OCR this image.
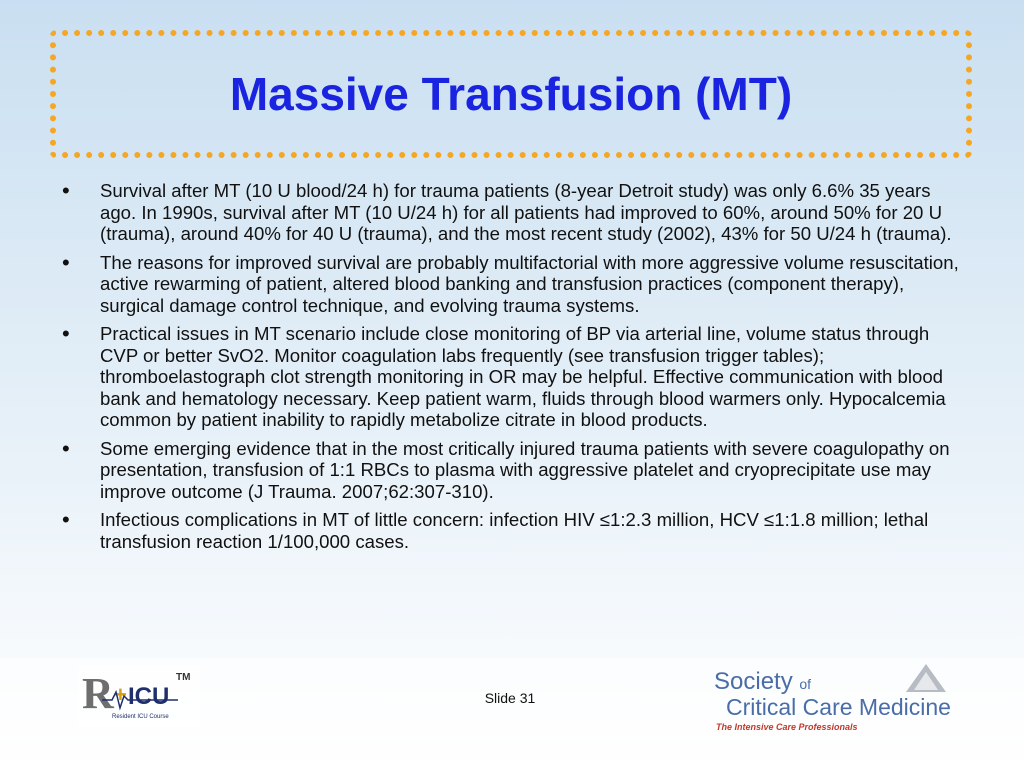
Massive Transfusion (MT)
• Survival after MT (10 U blood/24 h) for trauma patients (8-year Detroit study) was only 6.6% 35 years ago. In 1990s, survival after MT (10 U/24 h) for all patients had improved to 60%, around 50% for 20 U (trauma), around 40% for 40 U (trauma), and the most recent study (2002), 43% for 50 U/24 h (trauma).
• The reasons for improved survival are probably multifactorial with more aggressive volume resuscitation, active rewarming of patient, altered blood banking and transfusion practices (component therapy), surgical damage control technique, and evolving trauma systems.
• Practical issues in MT scenario include close monitoring of BP via arterial line, volume status through CVP or better SvO2. Monitor coagulation labs frequently (see transfusion trigger tables); thromboelastograph clot strength monitoring in OR may be helpful. Effective communication with blood bank and hematology necessary. Keep patient warm, fluids through blood warmers only. Hypocalcemia common by patient inability to rapidly metabolize citrate in blood products.
• Some emerging evidence that in the most critically injured trauma patients with severe coagulopathy on presentation, transfusion of 1:1 RBCs to plasma with aggressive platelet and cryoprecipitate use may improve outcome (J Trauma. 2007;62:307-310).
• Infectious complications in MT of little concern: infection HIV ≤1:2.3 million, HCV ≤1:1.8 million; lethal transfusion reaction 1/100,000 cases.
R + ICU
TM
Resident ICU Course
Slide 31
Society of
Critical Care Medicine
The Intensive Care Professionals
